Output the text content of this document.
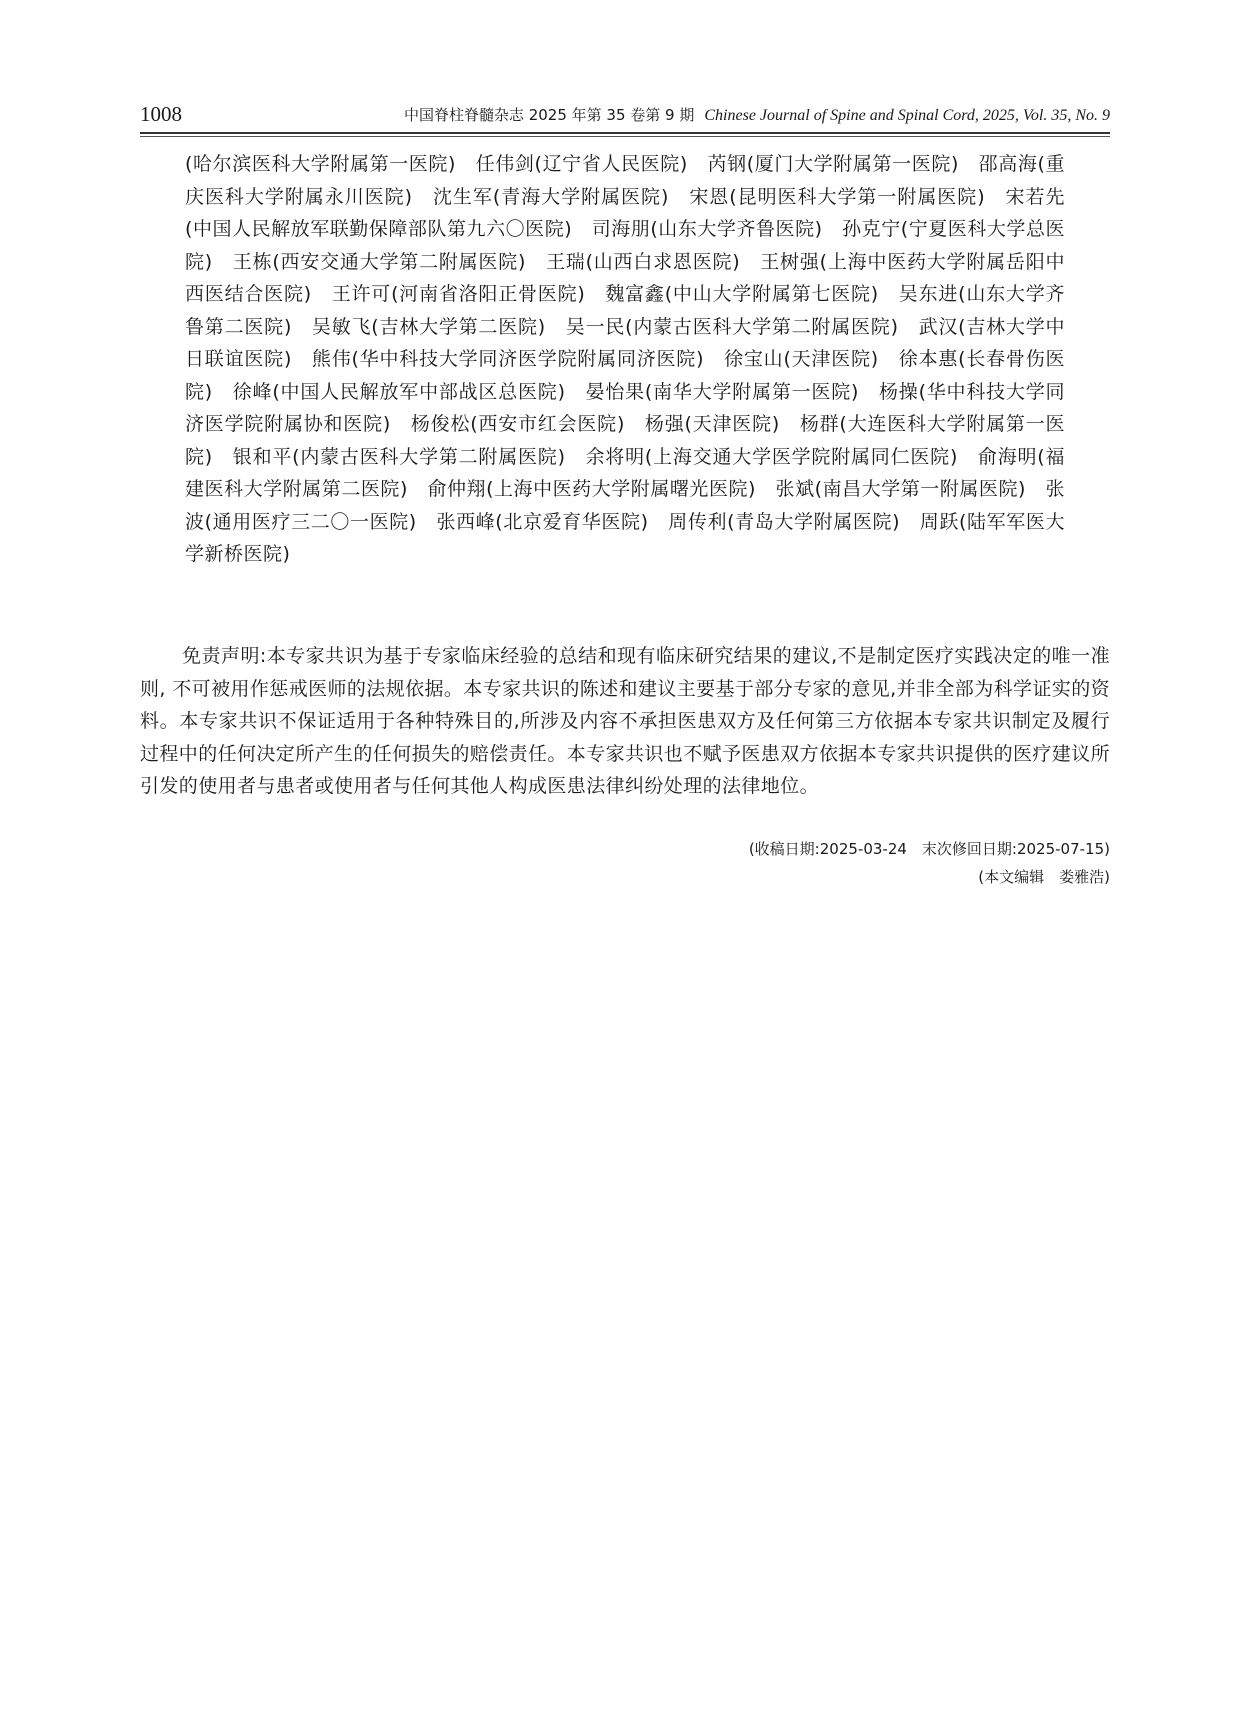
1008	中国脊柱脊髓杂志 2025 年第 35 卷第 9 期 Chinese Journal of Spine and Spinal Cord, 2025, Vol. 35, No. 9
(哈尔滨医科大学附属第一医院)　任伟剑(辽宁省人民医院)　芮钢(厦门大学附属第一医院)　邵高海(重庆医科大学附属永川医院)　沈生军(青海大学附属医院)　宋恩(昆明医科大学第一附属医院)　宋若先(中国人民解放军联勤保障部队第九六〇医院)　司海朋(山东大学齐鲁医院)　孙克宁(宁夏医科大学总医院)　王栋(西安交通大学第二附属医院)　王瑞(山西白求恩医院)　王树强(上海中医药大学附属岳阳中西医结合医院)　王许可(河南省洛阳正骨医院)　魏富鑫(中山大学附属第七医院)　吴东进(山东大学齐鲁第二医院)　吴敏飞(吉林大学第二医院)　吴一民(内蒙古医科大学第二附属医院)　武汉(吉林大学中日联谊医院)　熊伟(华中科技大学同济医学院附属同济医院)　徐宝山(天津医院)　徐本惠(长春骨伤医院)　徐峰(中国人民解放军中部战区总医院)　晏怡果(南华大学附属第一医院)　杨操(华中科技大学同济医学院附属协和医院)　杨俊松(西安市红会医院)　杨强(天津医院)　杨群(大连医科大学附属第一医院)　银和平(内蒙古医科大学第二附属医院)　余将明(上海交通大学医学院附属同仁医院)　俞海明(福建医科大学附属第二医院)　俞仲翔(上海中医药大学附属曙光医院)　张斌(南昌大学第一附属医院)　张波(通用医疗三二〇一医院)　张西峰(北京爱育华医院)　周传利(青岛大学附属医院)　周跃(陆军军医大学新桥医院)
免责声明:本专家共识为基于专家临床经验的总结和现有临床研究结果的建议,不是制定医疗实践决定的唯一准则, 不可被用作惩戒医师的法规依据。本专家共识的陈述和建议主要基于部分专家的意见,并非全部为科学证实的资料。本专家共识不保证适用于各种特殊目的,所涉及内容不承担医患双方及任何第三方依据本专家共识制定及履行过程中的任何决定所产生的任何损失的赔偿责任。本专家共识也不赋予医患双方依据本专家共识提供的医疗建议所引发的使用者与患者或使用者与任何其他人构成医患法律纠纷处理的法律地位。
(收稿日期:2025-03-24　末次修回日期:2025-07-15)
(本文编辑　娄雅浩)
